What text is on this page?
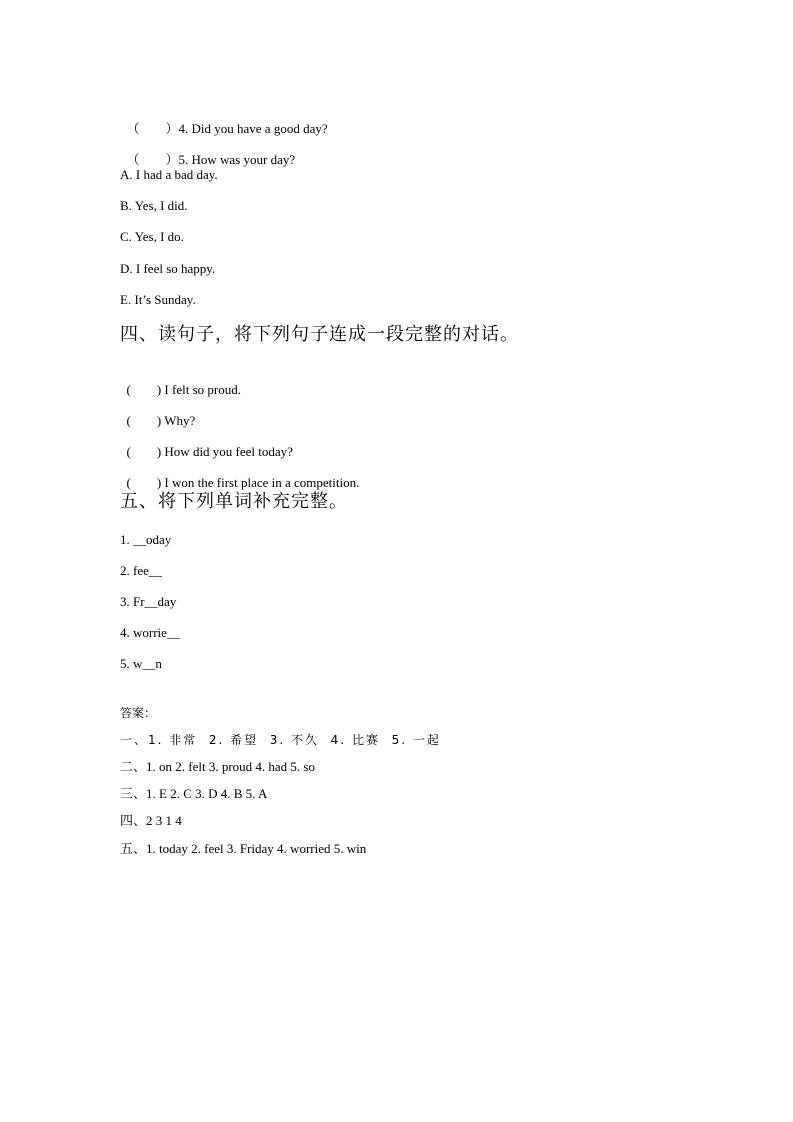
（　　）4. Did you have a good day?

（　　）5. How was your day?

A. I had a bad day.
B. Yes, I did.
C. Yes, I do.
D. I feel so happy.
E. It’s Sunday.
四、读句子，将下列句子连成一段完整的对话。

(        ) I felt so proud.

(        ) Why?

(        ) How did you feel today?

(        ) I won the first place in a competition.

五、将下列单词补充完整。
1. __oday
2. fee__
3. Fr__day
4. worrie__
5. w__n
答案：
一、1. 非常  2. 希望  3. 不久  4. 比赛  5. 一起
二、1. on 2. felt 3. proud 4. had 5. so
三、1. E 2. C 3. D 4. B 5. A
四、2 3 1 4
五、1. today 2. feel 3. Friday 4. worried 5. win
